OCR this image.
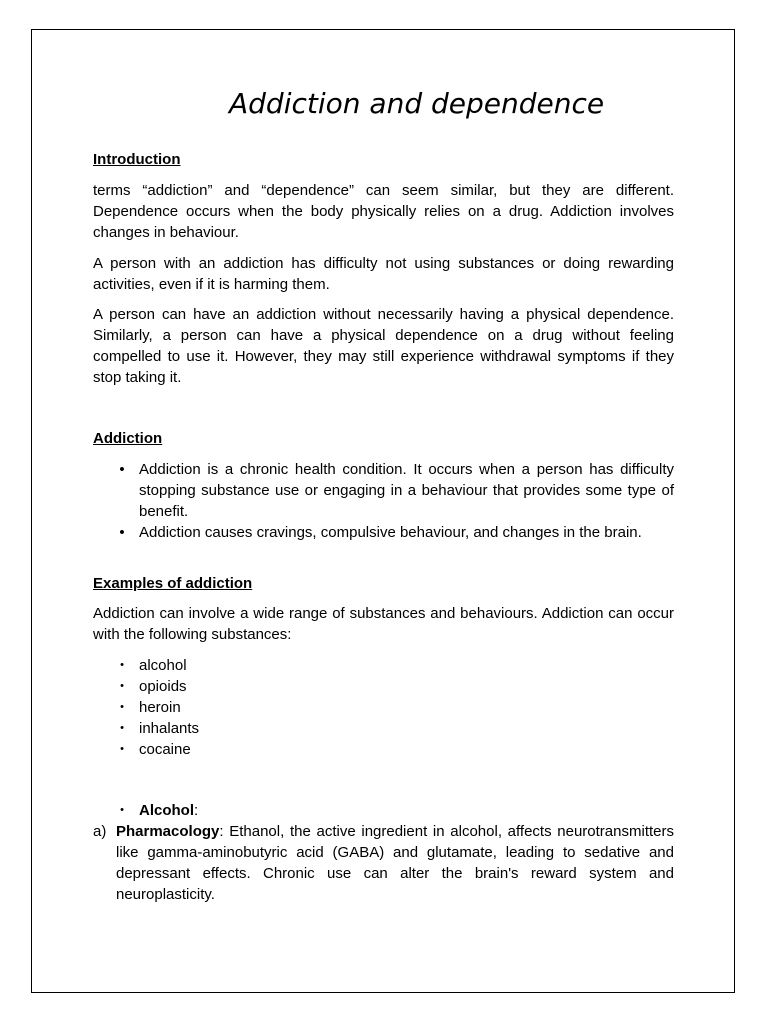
Addiction and dependence
Introduction

terms “addiction” and “dependence” can seem similar, but they are different. Dependence occurs when the body physically relies on a drug. Addiction involves changes in behaviour.

A person with an addiction has difficulty not using substances or doing rewarding activities, even if it is harming them.

A person can have an addiction without necessarily having a physical dependence. Similarly, a person can have a physical dependence on a drug without feeling compelled to use it. However, they may still experience withdrawal symptoms if they stop taking it.

Addiction
• Addiction is a chronic health condition. It occurs when a person has difficulty stopping substance use or engaging in a behaviour that provides some type of benefit.
• Addiction causes cravings, compulsive behaviour, and changes in the brain.
Examples of addiction

Addiction can involve a wide range of substances and behaviours. Addiction can occur with the following substances:

•	alcohol
•	opioids
•	heroin
•	inhalants
•	cocaine
•	Alcohol:
a) Pharmacology: Ethanol, the active ingredient in alcohol, affects neurotransmitters like gamma-aminobutyric acid (GABA) and glutamate, leading to sedative and depressant effects. Chronic use can alter the brain's reward system and neuroplasticity.
